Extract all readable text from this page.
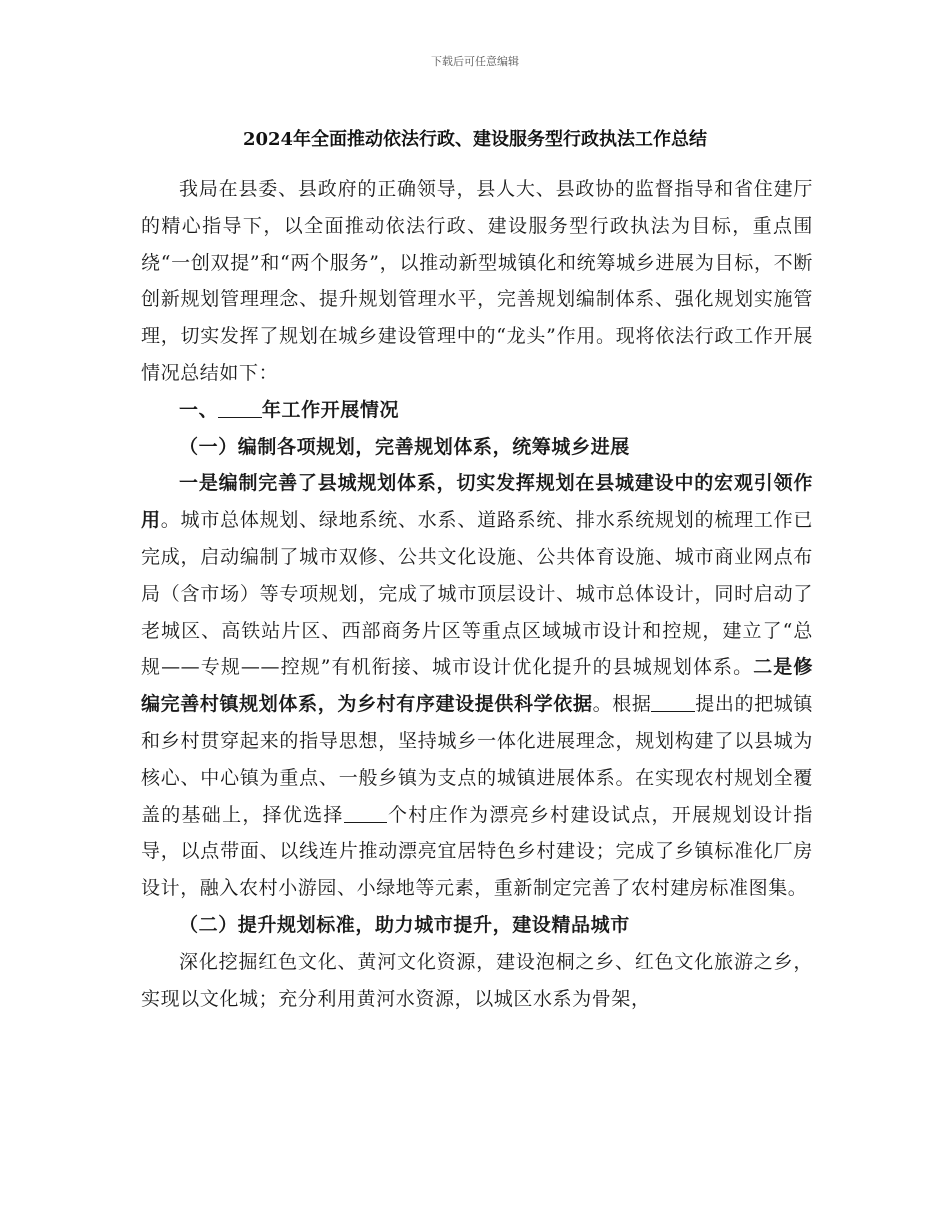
下载后可任意编辑
2024年全面推动依法行政、建设服务型行政执法工作总结

我局在县委、县政府的正确领导，县人大、县政协的监督指导和省住建厅的精心指导下，以全面推动依法行政、建设服务型行政执法为目标，重点围绕“一创双提”和“两个服务”，以推动新型城镇化和统筹城乡进展为目标，不断创新规划管理理念、提升规划管理水平，完善规划编制体系、强化规划实施管理，切实发挥了规划在城乡建设管理中的“龙头”作用。现将依法行政工作开展情况总结如下：

一、 年工作开展情况

（一）编制各项规划，完善规划体系，统筹城乡进展

一是编制完善了县城规划体系，切实发挥规划在县城建设中的宏观引领作用。城市总体规划、绿地系统、水系、道路系统、排水系统规划的梳理工作已完成，启动编制了城市双修、公共文化设施、公共体育设施、城市商业网点布局（含市场）等专项规划，完成了城市顶层设计、城市总体设计，同时启动了老城区、高铁站片区、西部商务片区等重点区域城市设计和控规，建立了“总规——专规——控规”有机衔接、城市设计优化提升的县城规划体系。二是修编完善村镇规划体系，为乡村有序建设提供科学依据。根据 提出的把城镇和乡村贯穿起来的指导思想，坚持城乡一体化进展理念，规划构建了以县城为核心、中心镇为重点、一般乡镇为支点的城镇进展体系。在实现农村规划全覆盖的基础上，择优选择 个村庄作为漂亮乡村建设试点，开展规划设计指导，以点带面、以线连片推动漂亮宜居特色乡村建设；完成了乡镇标准化厂房设计，融入农村小游园、小绿地等元素，重新制定完善了农村建房标准图集。

（二）提升规划标准，助力城市提升，建设精品城市

深化挖掘红色文化、黄河文化资源，建设泡桐之乡、红色文化旅游之乡，实现以文化城；充分利用黄河水资源，以城区水系为骨架，
